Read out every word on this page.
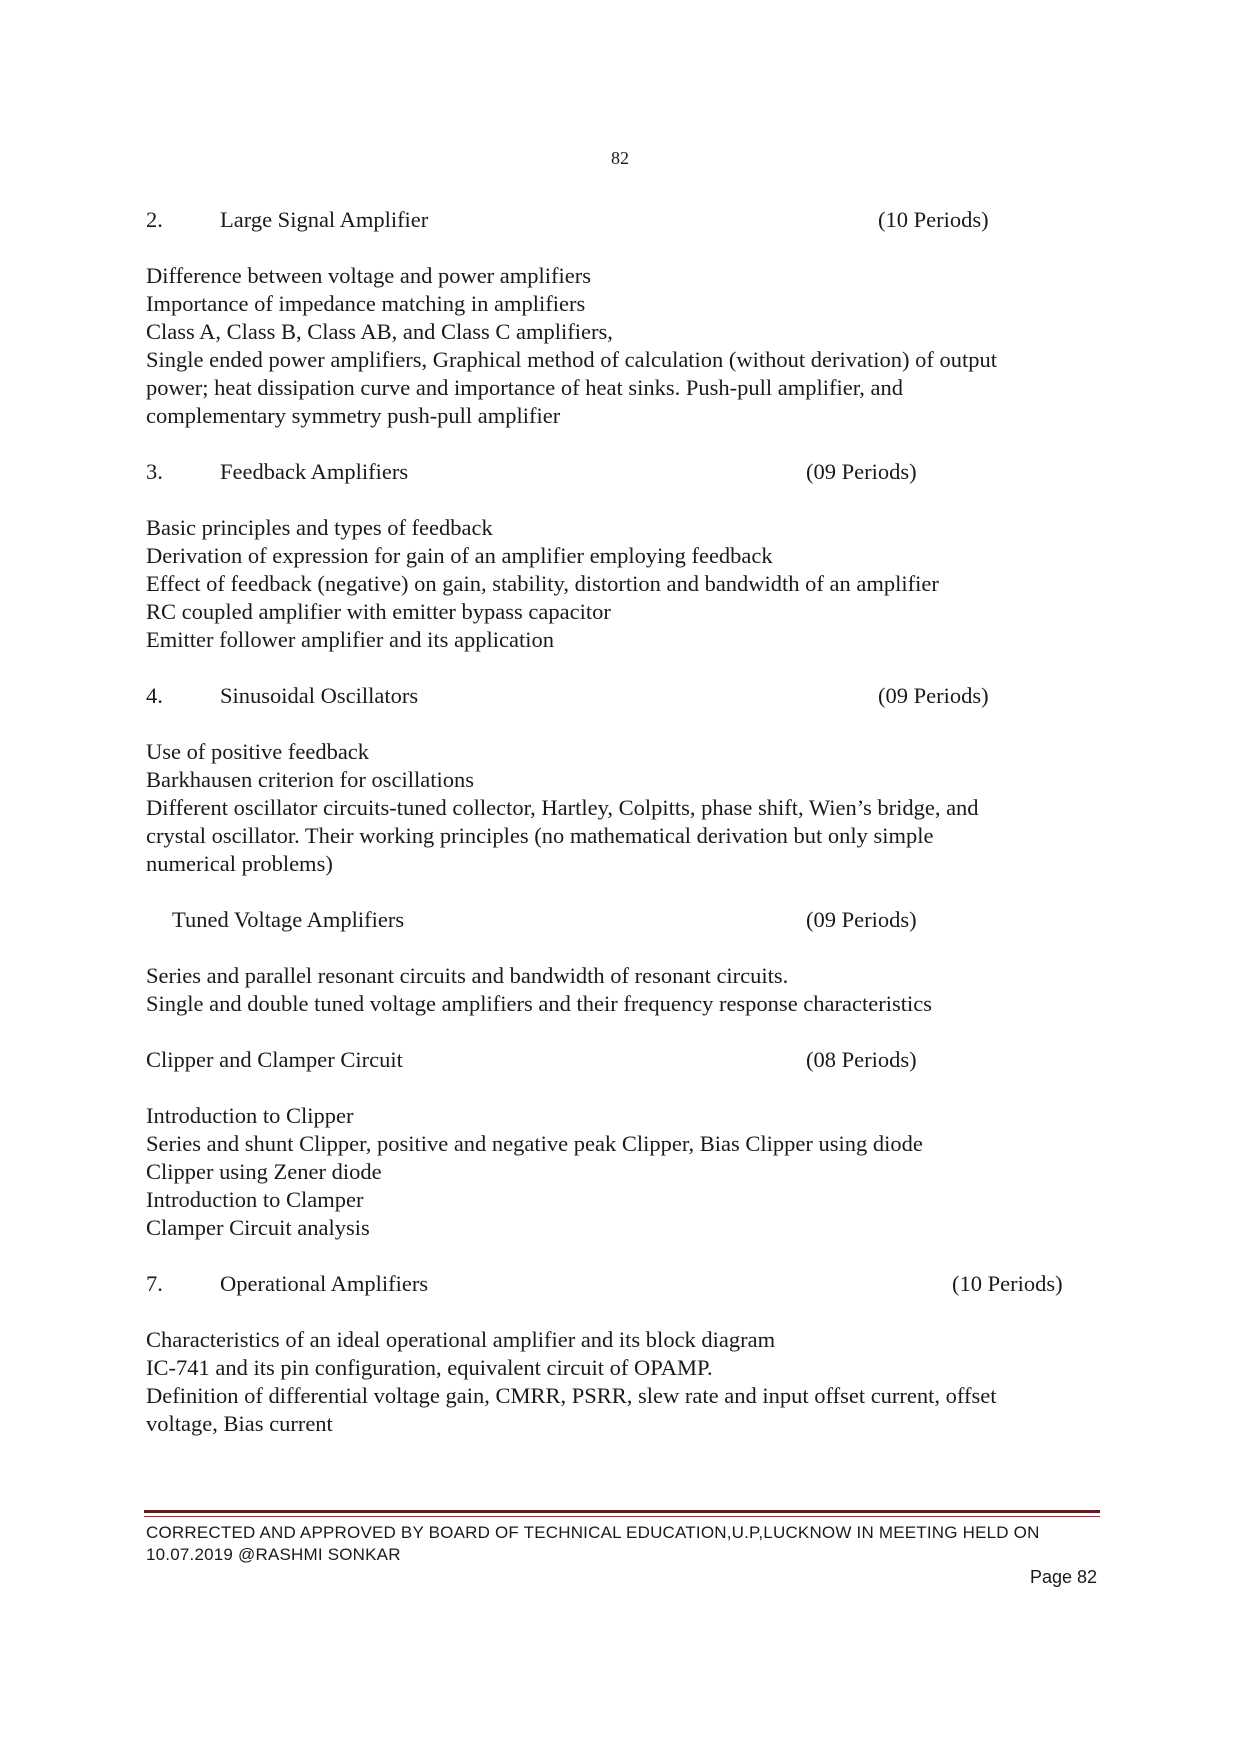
82
2.	Large Signal Amplifier	(10 Periods)
Difference between voltage and power amplifiers
Importance of impedance matching in amplifiers
Class A, Class B, Class AB, and Class C amplifiers,
Single ended power amplifiers, Graphical method of calculation (without derivation) of output
power; heat dissipation curve and importance of heat sinks. Push-pull amplifier, and
complementary symmetry push-pull amplifier
3.	Feedback Amplifiers	(09 Periods)
Basic principles and types of feedback
Derivation of expression for gain of an amplifier employing feedback
Effect of feedback (negative) on gain, stability, distortion and bandwidth of an amplifier
RC coupled amplifier with emitter bypass capacitor
Emitter follower amplifier and its application
4.	Sinusoidal Oscillators	(09 Periods)
Use of positive feedback
Barkhausen criterion for oscillations
Different oscillator circuits-tuned collector, Hartley, Colpitts, phase shift, Wien’s bridge, and
crystal oscillator. Their working principles (no mathematical derivation but only simple
numerical problems)
Tuned Voltage Amplifiers	(09 Periods)
Series and parallel resonant circuits and bandwidth of resonant circuits.
Single and double tuned voltage amplifiers and their frequency response characteristics
Clipper and Clamper Circuit	(08 Periods)
Introduction to Clipper
Series and shunt Clipper, positive and negative peak Clipper, Bias Clipper using diode
Clipper using Zener diode
Introduction to Clamper
Clamper Circuit analysis
7.	Operational Amplifiers	(10 Periods)
Characteristics of an ideal operational amplifier and its block diagram
IC-741 and its pin configuration, equivalent circuit of OPAMP.
Definition of differential voltage gain, CMRR, PSRR, slew rate and input offset current, offset
voltage, Bias current
CORRECTED AND APPROVED BY BOARD OF TECHNICAL EDUCATION,U.P,LUCKNOW IN MEETING HELD ON
10.07.2019 @RASHMI SONKAR
Page 82
